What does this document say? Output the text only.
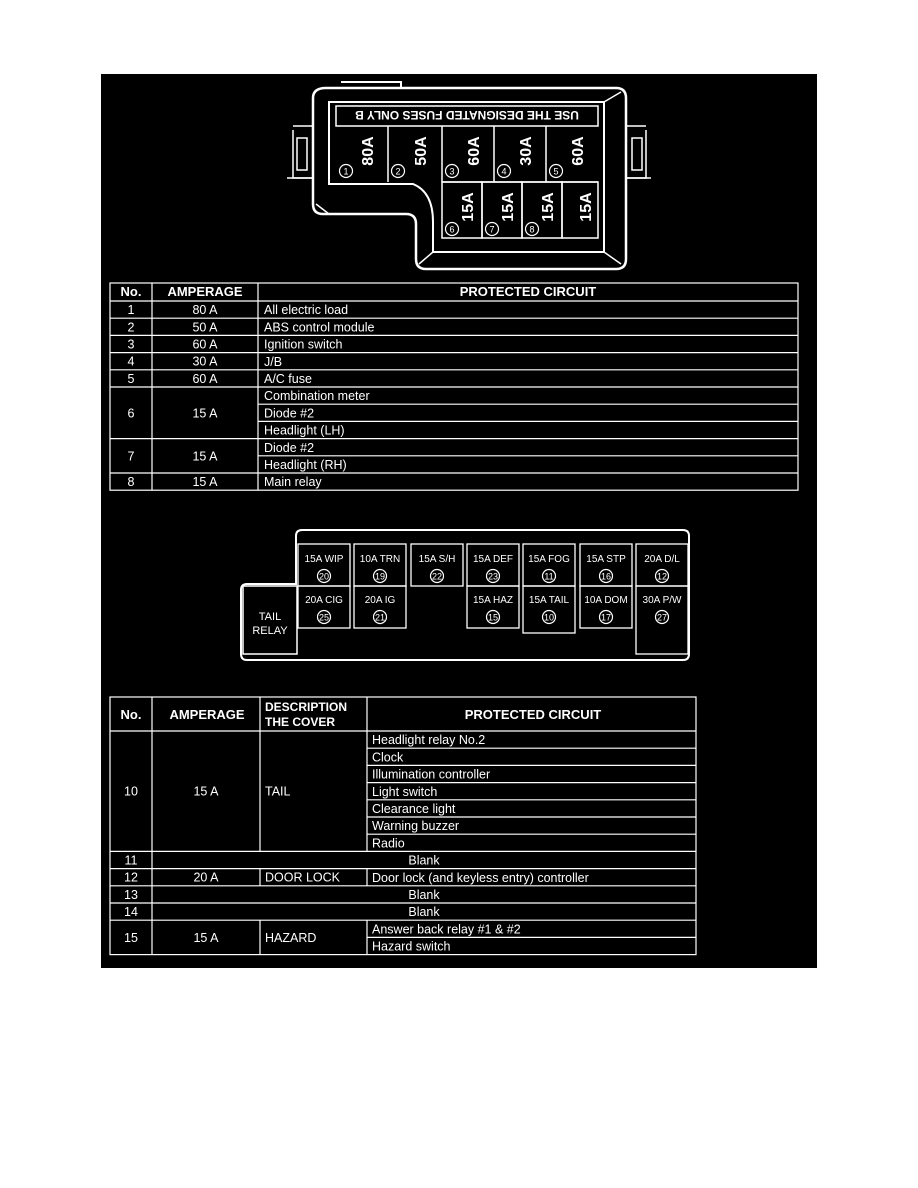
USE THE DESIGNATED FUSES ONLY B
80A
1
50A
2
60A
3
30A
4
60A
5
15A
6
15A
7
15A
8
15A
No. AMPERAGE	PROTECTED CIRCUIT
1	80 A	All electric load
2	50 A	ABS control module
3	60 A	Ignition switch
4	30 A	J/B
5	60 A	A/C fuse
6	15 A
Combination meter
Diode #2
Headlight (LH)
7	15 A
Diode #2
Headlight (RH)
8	15 A	Main relay
TAIL
RELAY
15A WIP
20
10A TRN
19
15A S/H
22
15A DEF
23
15A FOG
11
15A STP
16
20A D/L
12
20A CIG
25
20A IG
21
15A HAZ
15
15A TAIL
10
10A DOM
17
30A P/W
27
No. AMPERAGE DESCRIPTION
THE COVER	PROTECTED CIRCUIT
10	15 A	TAIL
Headlight relay No.2
Clock
Illumination controller
Light switch
Clearance light
Warning buzzer
Radio
11	Blank
12	20 A	DOOR LOCK	Door lock (and keyless entry) controller
13	Blank
14	Blank
15	15 A	HAZARD
Answer back relay #1 & #2
Hazard switch
